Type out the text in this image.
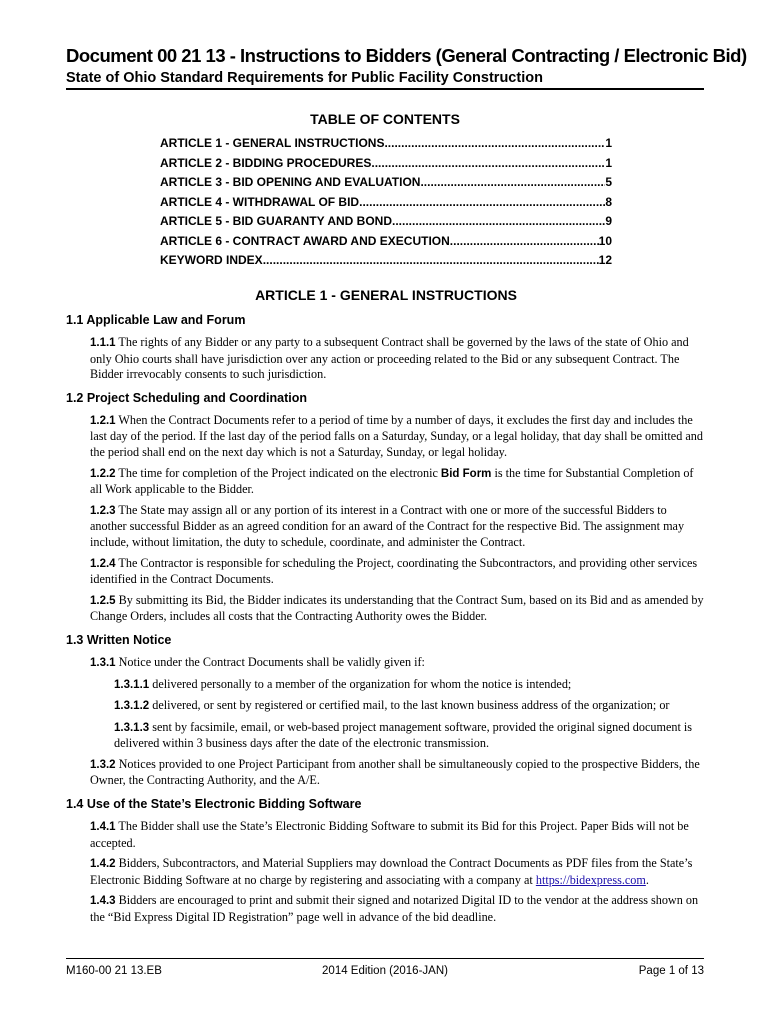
Document 00 21 13 - Instructions to Bidders (General Contracting / Electronic Bid)
State of Ohio Standard Requirements for Public Facility Construction
TABLE OF CONTENTS
ARTICLE 1 - GENERAL INSTRUCTIONS .....	1
ARTICLE 2 - BIDDING PROCEDURES .....	1
ARTICLE 3 - BID OPENING AND EVALUATION .....	5
ARTICLE 4 - WITHDRAWAL OF BID .....	8
ARTICLE 5 - BID GUARANTY AND BOND .....	9
ARTICLE 6 - CONTRACT AWARD AND EXECUTION .....	10
KEYWORD INDEX .....	12
ARTICLE 1 - GENERAL INSTRUCTIONS
1.1 Applicable Law and Forum

1.1.1 The rights of any Bidder or any party to a subsequent Contract shall be governed by the laws of the state of Ohio and only Ohio courts shall have jurisdiction over any action or proceeding related to the Bid or any subsequent Contract. The Bidder irrevocably consents to such jurisdiction.

1.2 Project Scheduling and Coordination

1.2.1 When the Contract Documents refer to a period of time by a number of days, it excludes the first day and includes the last day of the period. If the last day of the period falls on a Saturday, Sunday, or a legal holiday, that day shall be omitted and the period shall end on the next day which is not a Saturday, Sunday, or legal holiday.

1.2.2 The time for completion of the Project indicated on the electronic Bid Form is the time for Substantial Completion of all Work applicable to the Bidder.

1.2.3 The State may assign all or any portion of its interest in a Contract with one or more of the successful Bidders to another successful Bidder as an agreed condition for an award of the Contract for the respective Bid. The assignment may include, without limitation, the duty to schedule, coordinate, and administer the Contract.

1.2.4 The Contractor is responsible for scheduling the Project, coordinating the Subcontractors, and providing other services identified in the Contract Documents.

1.2.5 By submitting its Bid, the Bidder indicates its understanding that the Contract Sum, based on its Bid and as amended by Change Orders, includes all costs that the Contracting Authority owes the Bidder.

1.3 Written Notice

1.3.1 Notice under the Contract Documents shall be validly given if:

1.3.1.1 delivered personally to a member of the organization for whom the notice is intended;

1.3.1.2 delivered, or sent by registered or certified mail, to the last known business address of the organization; or

1.3.1.3 sent by facsimile, email, or web-based project management software, provided the original signed document is delivered within 3 business days after the date of the electronic transmission.

1.3.2 Notices provided to one Project Participant from another shall be simultaneously copied to the prospective Bidders, the Owner, the Contracting Authority, and the A/E.

1.4 Use of the State’s Electronic Bidding Software

1.4.1 The Bidder shall use the State’s Electronic Bidding Software to submit its Bid for this Project. Paper Bids will not be accepted.

1.4.2 Bidders, Subcontractors, and Material Suppliers may download the Contract Documents as PDF files from the State’s Electronic Bidding Software at no charge by registering and associating with a company at https://bidexpress.com.

1.4.3 Bidders are encouraged to print and submit their signed and notarized Digital ID to the vendor at the address shown on the “Bid Express Digital ID Registration” page well in advance of the bid deadline.

M160-00 21 13.EB	2014 Edition (2016-JAN)	Page 1 of 13
